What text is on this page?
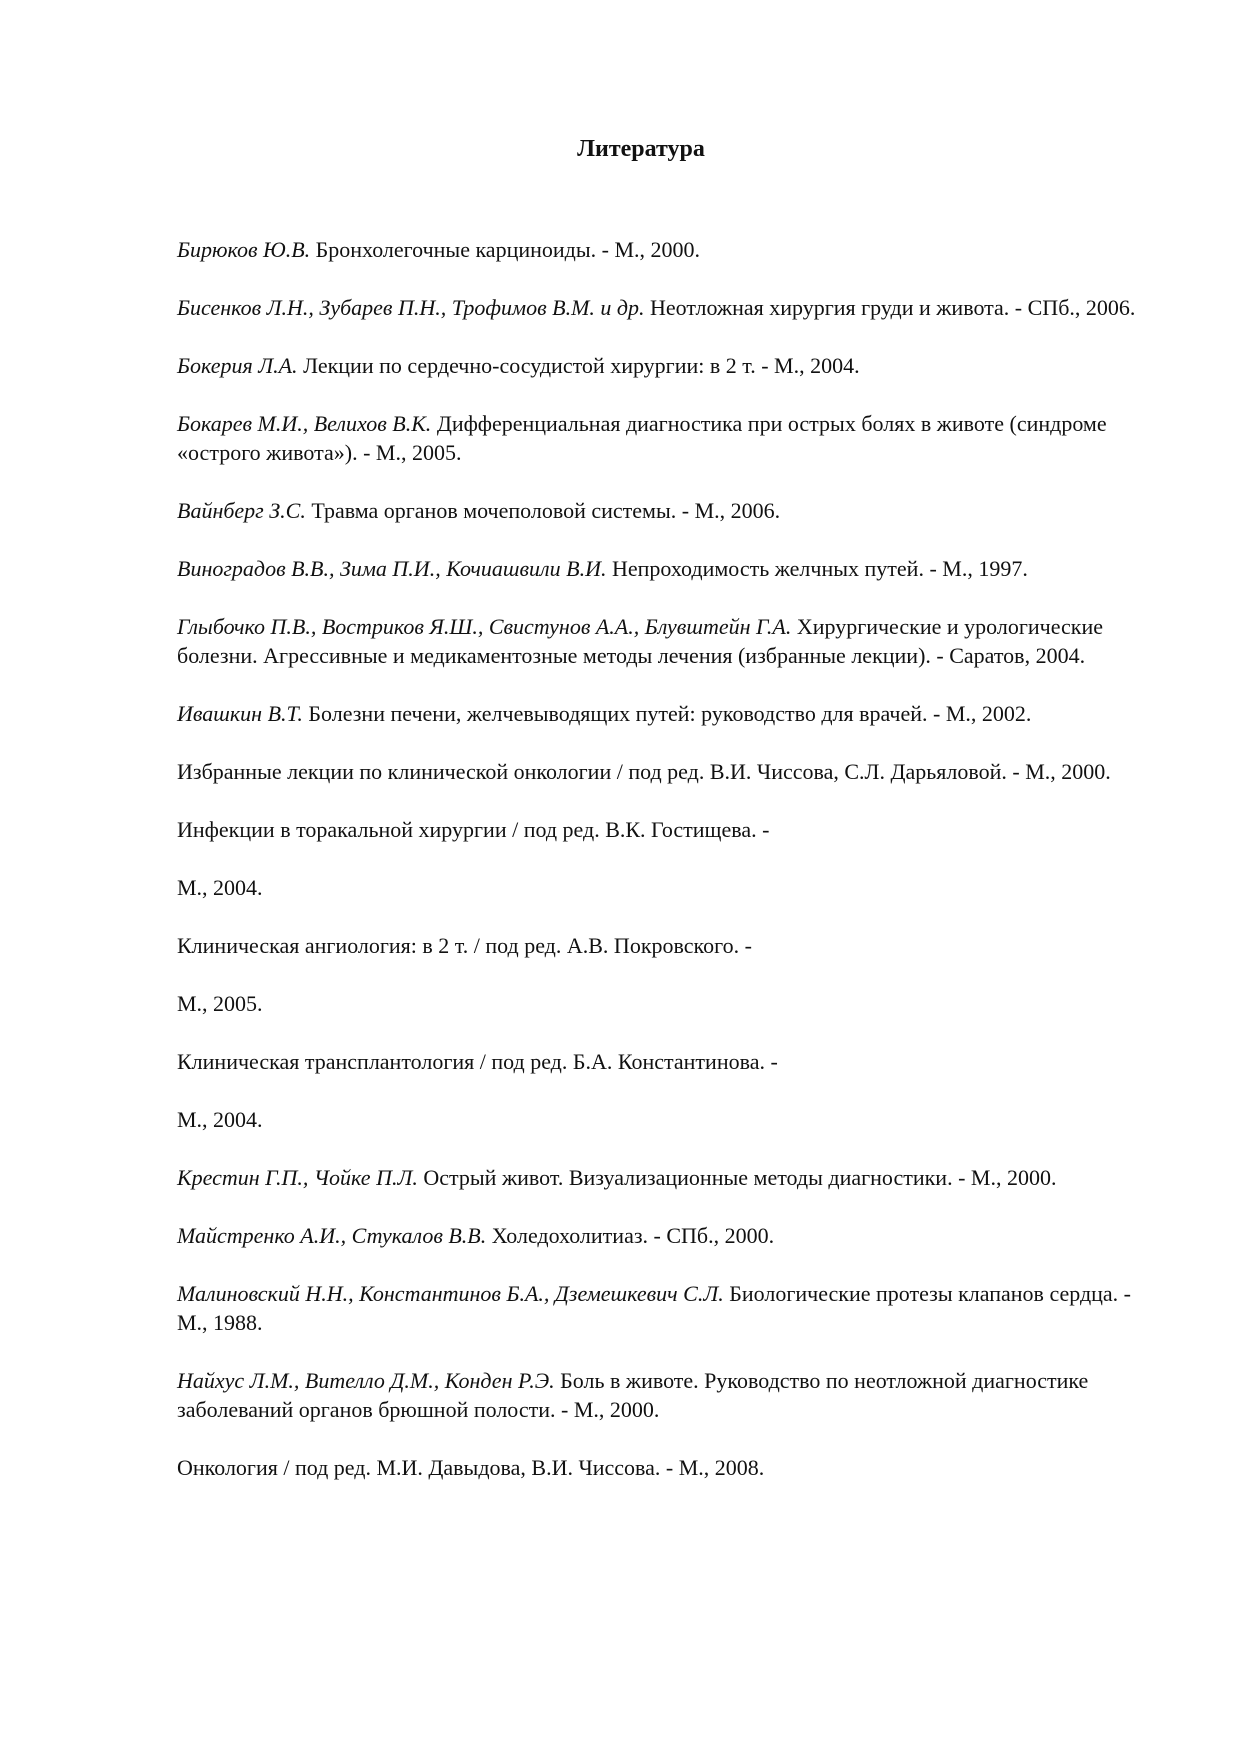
Литература
Бирюков Ю.В. Бронхолегочные карциноиды. - М., 2000.
Бисенков Л.Н., Зубарев П.Н., Трофимов В.М. и др. Неотложная хирургия груди и живота. - СПб., 2006.
Бокерия Л.А. Лекции по сердечно-сосудистой хирургии: в 2 т. - М., 2004.
Бокарев М.И., Велихов В.К. Дифференциальная диагностика при острых болях в животе (синдроме «острого живота»). - М., 2005.
Вайнберг З.С. Травма органов мочеполовой системы. - М., 2006.
Виноградов В.В., Зима П.И., Кочиашвили В.И. Непроходимость желчных путей. - М., 1997.
Глыбочко П.В., Востриков Я.Ш., Свистунов А.А., Блувштейн Г.А. Хирургические и урологические болезни. Агрессивные и медикаментозные методы лечения (избранные лекции). - Саратов, 2004.
Ивашкин В.Т. Болезни печени, желчевыводящих путей: руководство для врачей. - М., 2002.
Избранные лекции по клинической онкологии / под ред. В.И. Чиссова, С.Л. Дарьяловой. - М., 2000.
Инфекции в торакальной хирургии / под ред. В.К. Гостищева. -
М., 2004.
Клиническая ангиология: в 2 т. / под ред. А.В. Покровского. -
М., 2005.
Клиническая трансплантология / под ред. Б.А. Константинова. -
М., 2004.
Крестин Г.П., Чойке П.Л. Острый живот. Визуализационные методы диагностики. - М., 2000.
Майстренко А.И., Стукалов В.В. Холедохолитиаз. - СПб., 2000.
Малиновский Н.Н., Константинов Б.А., Дземешкевич С.Л. Биологические протезы клапанов сердца. - М., 1988.
Найхус Л.М., Вителло Д.М., Конден Р.Э. Боль в животе. Руководство по неотложной диагностике заболеваний органов брюшной полости. - М., 2000.
Онкология / под ред. М.И. Давыдова, В.И. Чиссова. - М., 2008.
